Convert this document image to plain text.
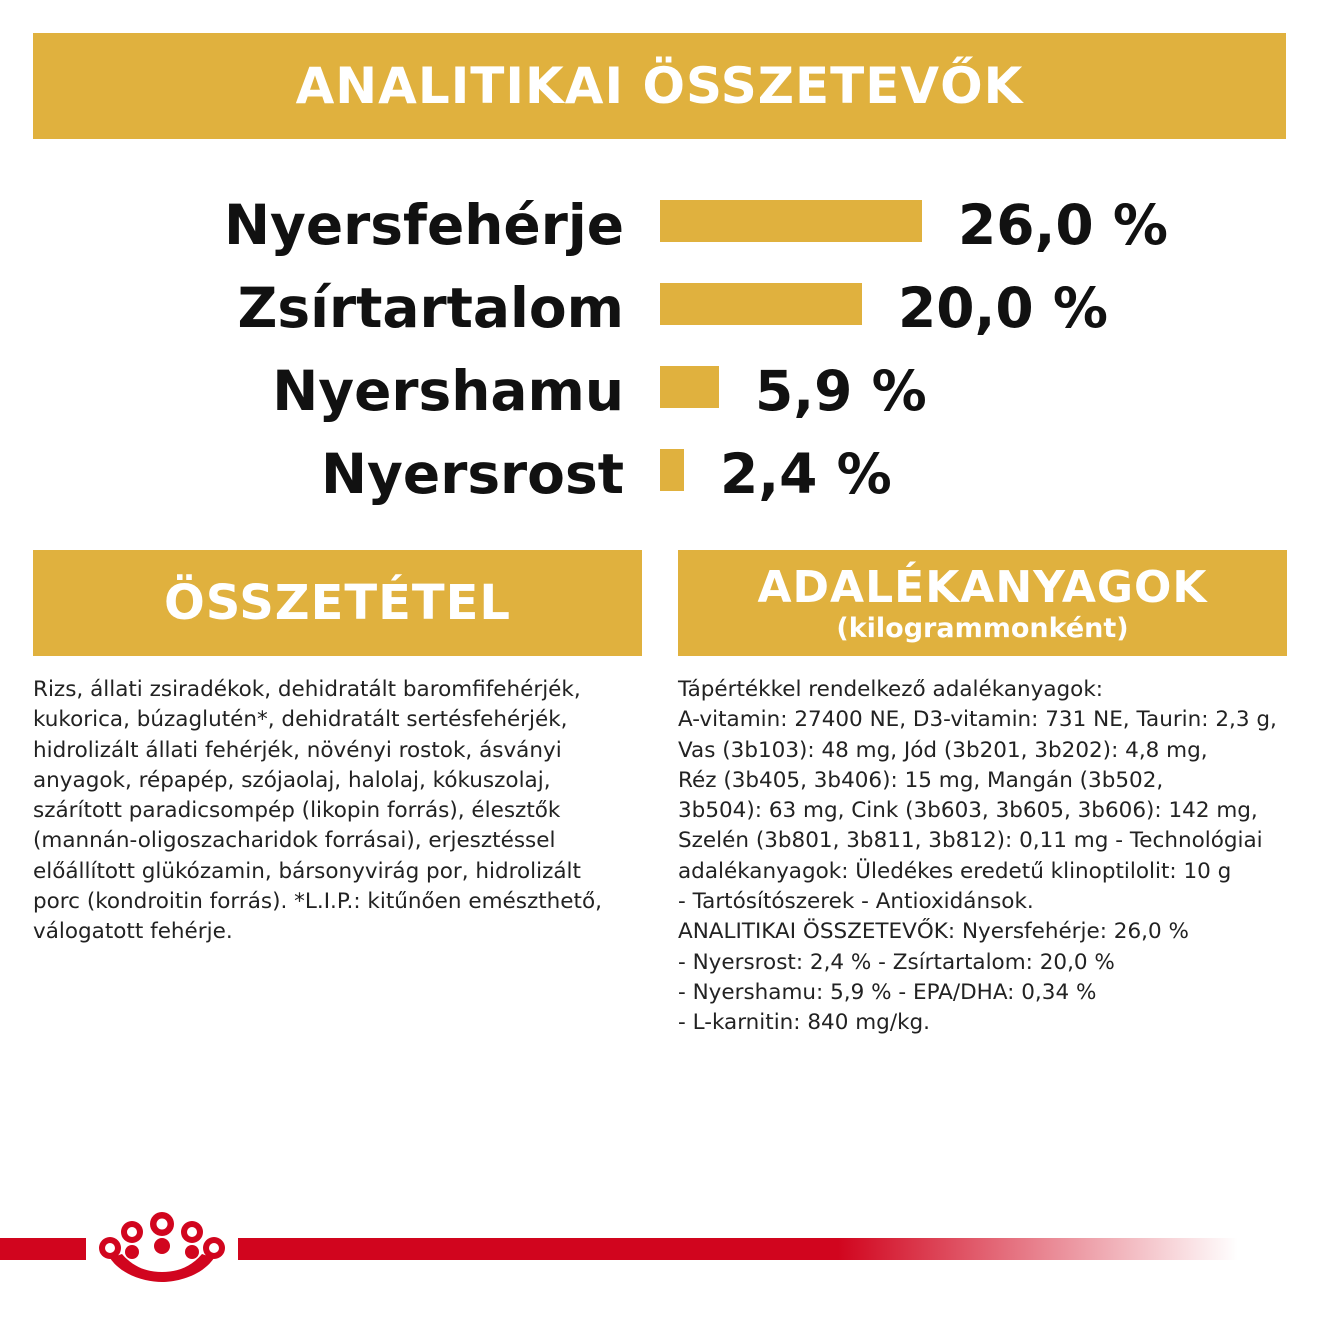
ANALITIKAI ÖSSZETEVŐK
Nyersfehérje	26,0 %
Zsírtartalom	20,0 %
Nyershamu 5,9 %
Nyersrost 2,4 %
ÖSSZETÉTEL	ADALÉKANYAGOK
(kilogrammonként)

Rizs, állati zsiradékok, dehidratált baromfifehérjék,

kukorica, búzaglutén*, dehidratált sertésfehérjék,

hidrolizált állati fehérjék, növényi rostok, ásványi

anyagok, répapép, szójaolaj, halolaj, kókuszolaj,

szárított paradicsompép (likopin forrás), élesztők

(mannán-oligoszacharidok forrásai), erjesztéssel

előállított glükózamin, bársonyvirág por, hidrolizált

porc (kondroitin forrás). *L.I.P.: kitűnően emészthető,

válogatott fehérje.

Tápértékkel rendelkező adalékanyagok:

A-vitamin: 27400 NE, D3-vitamin: 731 NE, Taurin: 2,3 g,

Vas (3b103): 48 mg, Jód (3b201, 3b202): 4,8 mg,

Réz (3b405, 3b406): 15 mg, Mangán (3b502,

3b504): 63 mg, Cink (3b603, 3b605, 3b606): 142 mg,

Szelén (3b801, 3b811, 3b812): 0,11 mg - Technológiai

adalékanyagok: Üledékes eredetű klinoptilolit: 10 g

- Tartósítószerek - Antioxidánsok.

ANALITIKAI ÖSSZETEVŐK: Nyersfehérje: 26,0 %

- Nyersrost: 2,4 % - Zsírtartalom: 20,0 %

- Nyershamu: 5,9 % - EPA/DHA: 0,34 %

- L-karnitin: 840 mg/kg.
